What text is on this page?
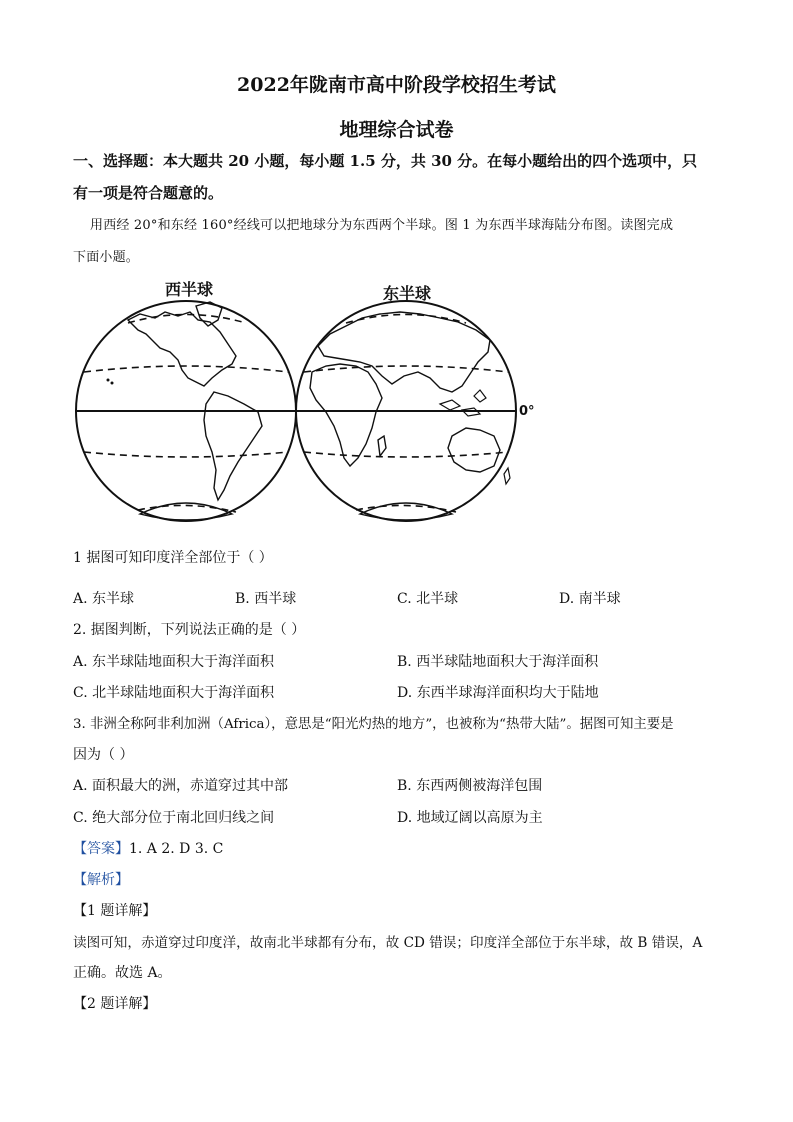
2022年陇南市高中阶段学校招生考试
地理综合试卷
一、选择题：本大题共 20 小题，每小题 1.5 分，共 30 分。在每小题给出的四个选项中，只
有一项是符合题意的。
用西经 20°和东经 160°经线可以把地球分为东西两个半球。图 1 为东西半球海陆分布图。读图完成
下面小题。
西半球	东半球
0°
1 据图可知印度洋全部位于（ ）
A. 东半球	B. 西半球	C. 北半球	D. 南半球
2. 据图判断，下列说法正确的是（ ）
A. 东半球陆地面积大于海洋面积	B. 西半球陆地面积大于海洋面积
C. 北半球陆地面积大于海洋面积	D. 东西半球海洋面积均大于陆地
3. 非洲全称阿非利加洲（Africa），意思是“阳光灼热的地方”，也被称为“热带大陆”。据图可知主要是
因为（ ）
A. 面积最大的洲，赤道穿过其中部	B. 东西两侧被海洋包围
C. 绝大部分位于南北回归线之间	D. 地域辽阔以高原为主
【答案】1. A 2. D 3. C
【解析】
【1 题详解】
读图可知，赤道穿过印度洋，故南北半球都有分布，故 CD 错误；印度洋全部位于东半球，故 B 错误，A
正确。故选 A。
【2 题详解】
